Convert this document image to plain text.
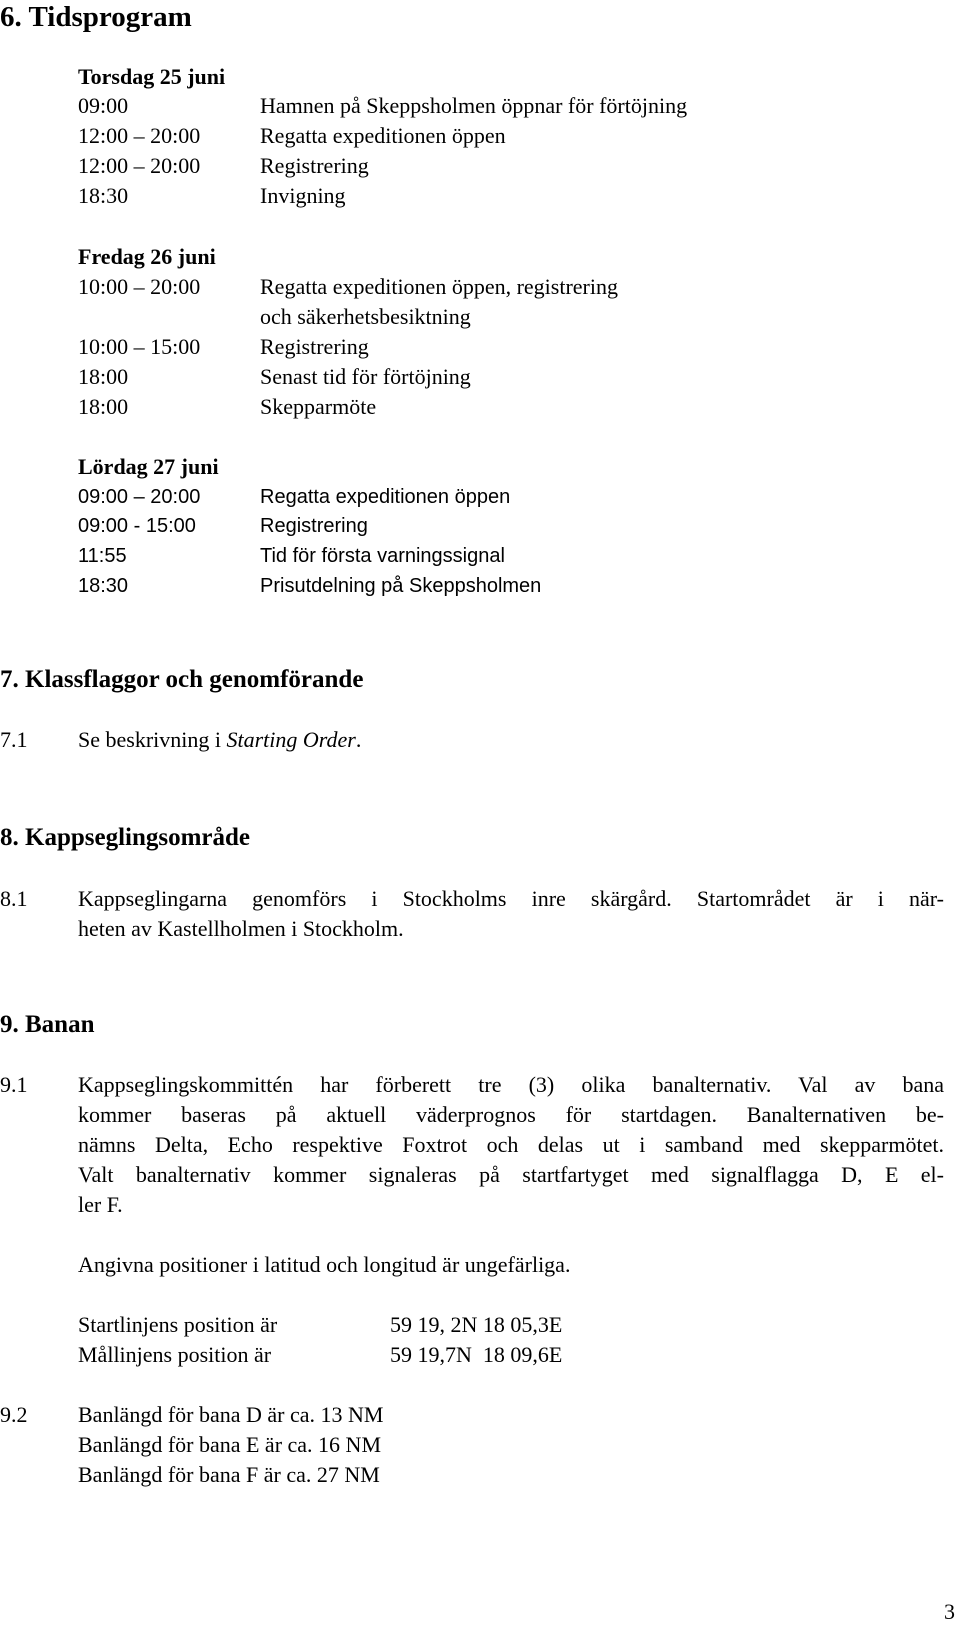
6. Tidsprogram
Torsdag 25 juni
09:00	Hamnen på Skeppsholmen öppnar för förtöjning
12:00 – 20:00	Regatta expeditionen öppen
12:00 – 20:00	Registrering
18:30	Invigning
Fredag 26 juni
10:00 – 20:00	Regatta expeditionen öppen, registrering
och säkerhetsbesiktning
10:00 – 15:00	Registrering
18:00	Senast tid för förtöjning
18:00	Skepparmöte
Lördag 27 juni
09:00 – 20:00	Regatta expeditionen öppen
09:00 - 15:00	Registrering
11:55	Tid för första varningssignal
18:30	Prisutdelning på Skeppsholmen
7. Klassflaggor och genomförande
7.1 Se beskrivning i Starting Order.
8. Kappseglingsområde
8.1 Kappseglingarna genomförs i Stockholms inre skärgård. Startområdet är i när-
heten av Kastellholmen i Stockholm.
9. Banan
9.1 Kappseglingskommittén har förberett tre (3) olika banalternativ. Val av bana
kommer baseras på aktuell väderprognos för startdagen. Banalternativen be-
nämns Delta, Echo respektive Foxtrot och delas ut i samband med skepparmötet.
Valt banalternativ kommer signaleras på startfartyget med signalflagga D, E el-
ler F.
Angivna positioner i latitud och longitud är ungefärliga.
Startlinjens position är	59 19, 2N 18 05,3E
Mållinjens position är	59 19,7N  18 09,6E
9.2 Banlängd för bana D är ca. 13 NM
Banlängd för bana E är ca. 16 NM
Banlängd för bana F är ca. 27 NM
3
